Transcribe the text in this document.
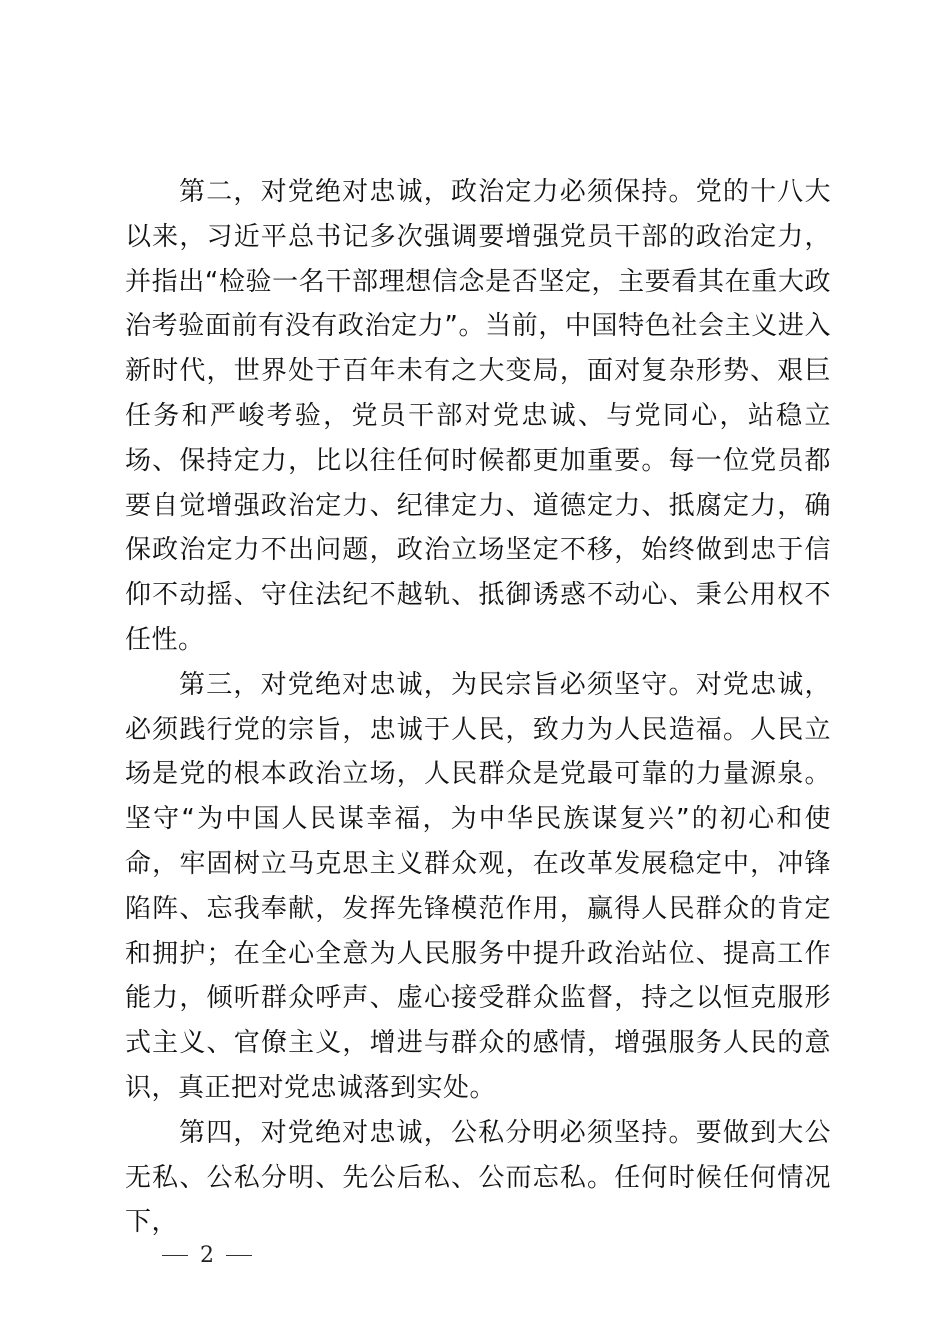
第二，对党绝对忠诚，政治定力必须保持。党的十八大以来，习近平总书记多次强调要增强党员干部的政治定力，并指出“检验一名干部理想信念是否坚定，主要看其在重大政治考验面前有没有政治定力”。当前，中国特色社会主义进入新时代，世界处于百年未有之大变局，面对复杂形势、艰巨任务和严峻考验，党员干部对党忠诚、与党同心，站稳立场、保持定力，比以往任何时候都更加重要。每一位党员都要自觉增强政治定力、纪律定力、道德定力、抵腐定力，确保政治定力不出问题，政治立场坚定不移，始终做到忠于信仰不动摇、守住法纪不越轨、抵御诱惑不动心、秉公用权不任性。

第三，对党绝对忠诚，为民宗旨必须坚守。对党忠诚，必须践行党的宗旨，忠诚于人民，致力为人民造福。人民立场是党的根本政治立场，人民群众是党最可靠的力量源泉。坚守“为中国人民谋幸福，为中华民族谋复兴”的初心和使命，牢固树立马克思主义群众观，在改革发展稳定中，冲锋陷阵、忘我奉献，发挥先锋模范作用，赢得人民群众的肯定和拥护；在全心全意为人民服务中提升政治站位、提高工作能力，倾听群众呼声、虚心接受群众监督，持之以恒克服形式主义、官僚主义，增进与群众的感情，增强服务人民的意识，真正把对党忠诚落到实处。

第四，对党绝对忠诚，公私分明必须坚持。要做到大公无私、公私分明、先公后私、公而忘私。任何时候任何情况下，

2
